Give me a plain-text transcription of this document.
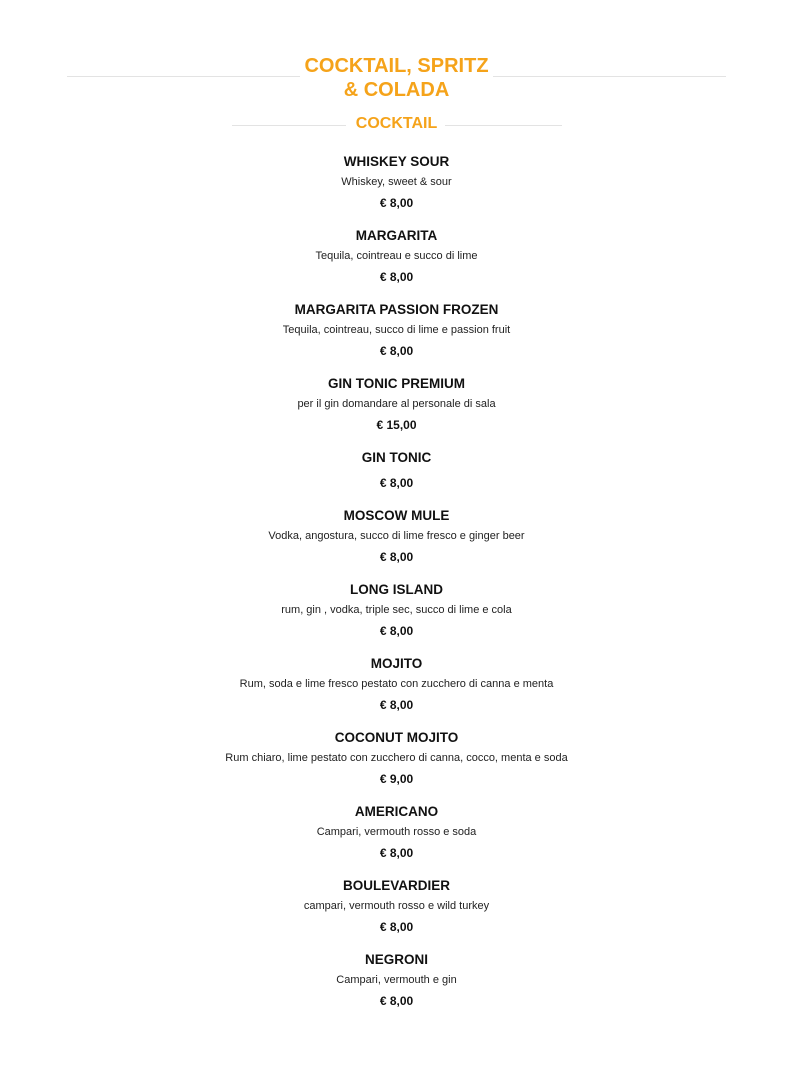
COCKTAIL, SPRITZ
& COLADA
COCKTAIL
WHISKEY SOUR
Whiskey, sweet & sour
€ 8,00
MARGARITA
Tequila, cointreau e succo di lime
€ 8,00
MARGARITA PASSION FROZEN
Tequila, cointreau, succo di lime e passion fruit
€ 8,00
GIN TONIC PREMIUM
per il gin domandare al personale di sala
€ 15,00
GIN TONIC
€ 8,00
MOSCOW MULE
Vodka, angostura, succo di lime fresco e ginger beer
€ 8,00
LONG ISLAND
rum, gin , vodka, triple sec, succo di lime e cola
€ 8,00
MOJITO
Rum, soda e lime fresco pestato con zucchero di canna e menta
€ 8,00
COCONUT MOJITO
Rum chiaro, lime pestato con zucchero di canna, cocco, menta e soda
€ 9,00
AMERICANO
Campari, vermouth rosso e soda
€ 8,00
BOULEVARDIER
campari, vermouth rosso e wild turkey
€ 8,00
NEGRONI
Campari, vermouth e gin
€ 8,00
